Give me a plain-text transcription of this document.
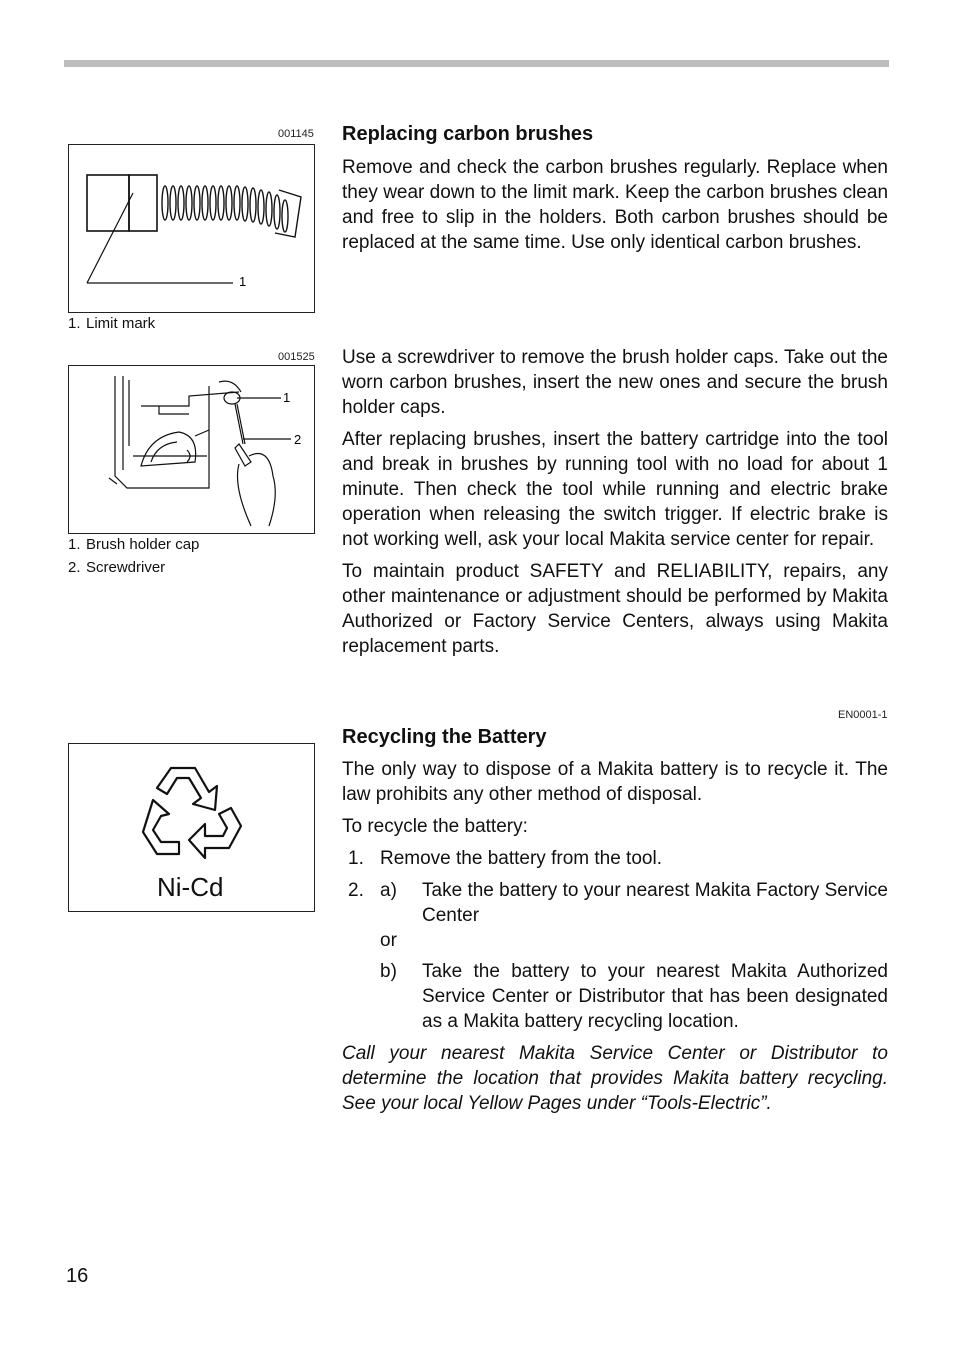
001145
1
1. Limit mark
001525
1
2
1. Brush holder cap
2. Screwdriver
EN0001-1
Ni-Cd
Replacing carbon brushes

Remove and check the carbon brushes regularly. Replace when they wear down to the limit mark. Keep the carbon brushes clean and free to slip in the holders. Both carbon brushes should be replaced at the same time. Use only identical carbon brushes.

Use a screwdriver to remove the brush holder caps. Take out the worn carbon brushes, insert the new ones and secure the brush holder caps.

After replacing brushes, insert the battery cartridge into the tool and break in brushes by running tool with no load for about 1 minute. Then check the tool while running and electric brake operation when releasing the switch trigger. If electric brake is not working well, ask your local Makita service center for repair.

To maintain product SAFETY and RELIABILITY, repairs, any other maintenance or adjustment should be performed by Makita Authorized or Factory Service Centers, always using Makita replacement parts.

Recycling the Battery

The only way to dispose of a Makita battery is to recycle it. The law prohibits any other method of disposal.

To recycle the battery:

1. Remove the battery from the tool.
2. a) Take the battery to your nearest Makita Factory Service Center
or
b) Take the battery to your nearest Makita Authorized Service Center or Distributor that has been designated as a Makita battery recycling location.

Call your nearest Makita Service Center or Distributor to determine the location that provides Makita battery recycling. See your local Yellow Pages under “Tools-Electric”.

16
